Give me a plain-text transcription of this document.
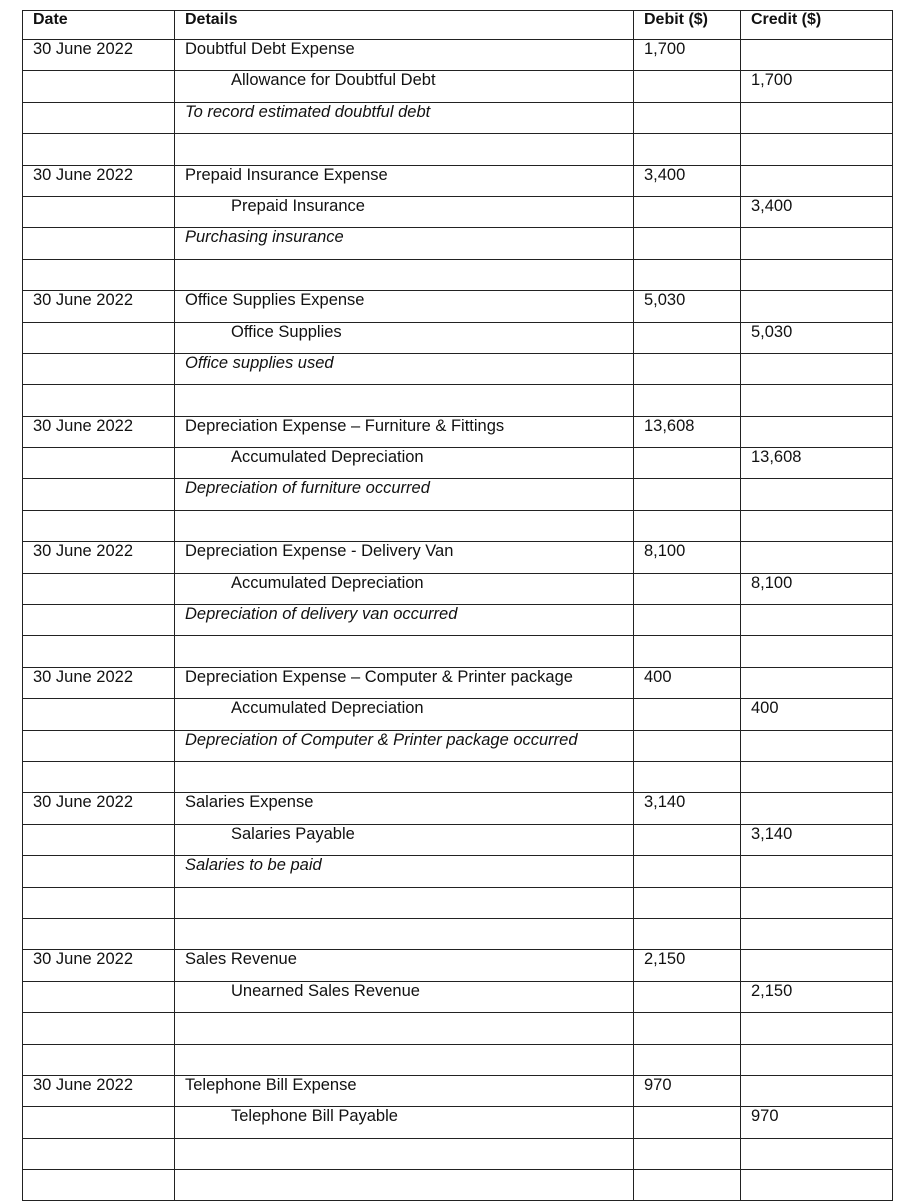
Date	Details	Debit ($)	Credit ($)
30 June 2022	Doubtful Debt Expense	1,700	
	Allowance for Doubtful Debt		1,700
	To record estimated doubtful debt		

30 June 2022	Prepaid Insurance Expense	3,400	
	Prepaid Insurance		3,400
	Purchasing insurance		

30 June 2022	Office Supplies Expense	5,030	
	Office Supplies		5,030
	Office supplies used		

30 June 2022	Depreciation Expense – Furniture & Fittings	13,608	
	Accumulated Depreciation		13,608
	Depreciation of furniture occurred		

30 June 2022	Depreciation Expense - Delivery Van	8,100	
	Accumulated Depreciation		8,100
	Depreciation of delivery van occurred		

30 June 2022	Depreciation Expense – Computer & Printer package	400	
	Accumulated Depreciation		400
	Depreciation of Computer & Printer package occurred		

30 June 2022	Salaries Expense	3,140	
	Salaries Payable		3,140
	Salaries to be paid		

30 June 2022	Sales Revenue	2,150	
	Unearned Sales Revenue		2,150

30 June 2022	Telephone Bill Expense	970	
	Telephone Bill Payable		970
